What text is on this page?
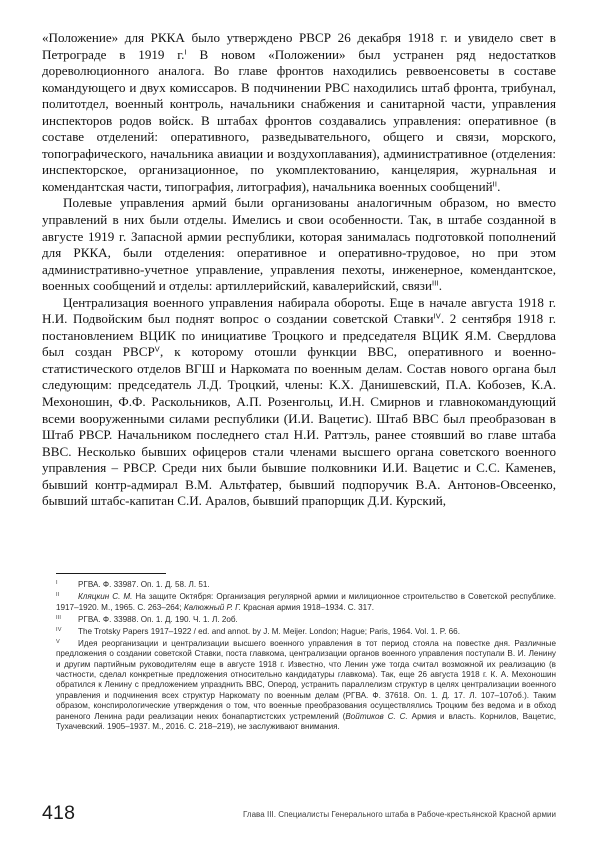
«Положение» для РККА было утверждено РВСР 26 декабря 1918 г. и увидело свет в Петрограде в 1919 г.$^I$ В новом «Положении» был устранен ряд недостатков дореволюционного аналога. Во главе фронтов находились реввоенсоветы в составе командующего и двух комиссаров. В подчинении РВС находились штаб фронта, трибунал, политотдел, военный контроль, начальники снабжения и санитарной части, управления инспекторов родов войск. В штабах фронтов создавались управления: оперативное (в составе отделений: оперативного, разведывательного, общего и связи, морского, топографического, начальника авиации и воздухоплавания), административное (отделения: инспекторское, организационное, по укомплектованию, канцелярия, журнальная и комендантская части, типография, литография), начальника военных сообщений$^{II}$.

Полевые управления армий были организованы аналогичным образом, но вместо управлений в них были отделы. Имелись и свои особенности. Так, в штабе созданной в августе 1919 г. Запасной армии республики, которая занималась подготовкой пополнений для РККА, были отделения: оперативное и оперативно-трудовое, но при этом административно-учетное управление, управления пехоты, инженерное, комендантское, военных сообщений и отделы: артиллерийский, кавалерийский, связи$^{III}$.

Централизация военного управления набирала обороты. Еще в начале августа 1918 г. Н.И. Подвойским был поднят вопрос о создании советской Ставки$^{IV}$. 2 сентября 1918 г. постановлением ВЦИК по инициативе Троцкого и председателя ВЦИК Я.М. Свердлова был создан РВСР$^V$, к которому отошли функции ВВС, оперативного и военно-статистического отделов ВГШ и Наркомата по военным делам. Состав нового органа был следующим: председатель Л.Д. Троцкий, члены: К.Х. Данишевский, П.А. Кобозев, К.А. Мехоношин, Ф.Ф. Раскольников, А.П. Розенгольц, И.Н. Смирнов и главнокомандующий всеми вооруженными силами республики (И.И. Вацетис). Штаб ВВС был преобразован в Штаб РВСР. Начальником последнего стал Н.И. Раттэль, ранее стоявший во главе штаба ВВС. Несколько бывших офицеров стали членами высшего органа советского военного управления – РВСР. Среди них были бывшие полковники И.И. Вацетис и С.С. Каменев, бывший контр-адмирал В.М. Альтфатер, бывший подпоручик В.А. Антонов-Овсеенко, бывший штабс-капитан С.И. Аралов, бывший прапорщик Д.И. Курский,

I	РГВА. Ф. 33987. Оп. 1. Д. 58. Л. 51.

II	Кляцкин С. М. На защите Октября: Организация регулярной армии и милиционное строительство в Советской республике. 1917–1920. М., 1965. С. 263–264; Калюжный Р. Г. Красная армия 1918–1934. С. 317.

III	РГВА. Ф. 33988. Оп. 1. Д. 190. Ч. 1. Л. 2об.

IV	The Trotsky Papers 1917–1922 / ed. and annot. by J. M. Meijer. London; Hague; Paris, 1964. Vol. 1. P. 66.

V	Идея реорганизации и централизации высшего военного управления в тот период стояла на повестке дня. Различные предложения о создании советской Ставки, поста главкома, централизации органов военного управления поступали В. И. Ленину и другим партийным руководителям еще в августе 1918 г. Известно, что Ленин уже тогда считал возможной их реализацию (в частности, сделал конкретные предложения относительно кандидатуры главкома). Так, еще 26 августа 1918 г. К. А. Мехоношин обратился к Ленину с предложением упразднить ВВС, Оперод, устранить параллелизм структур в целях централизации военного управления и подчинения всех структур Наркомату по военным делам (РГВА. Ф. 37618. Оп. 1. Д. 17. Л. 107–107об.). Таким образом, конспирологические утверждения о том, что военные преобразования осуществлялись Троцким без ведома и в обход раненого Ленина ради реализации неких бонапартистских устремлений (Войтиков С. С. Армия и власть. Корнилов, Вацетис, Тухачевский. 1905–1937. М., 2016. С. 218–219), не заслуживают внимания.

418	Глава III. Специалисты Генерального штаба в Рабоче-крестьянской Красной армии
